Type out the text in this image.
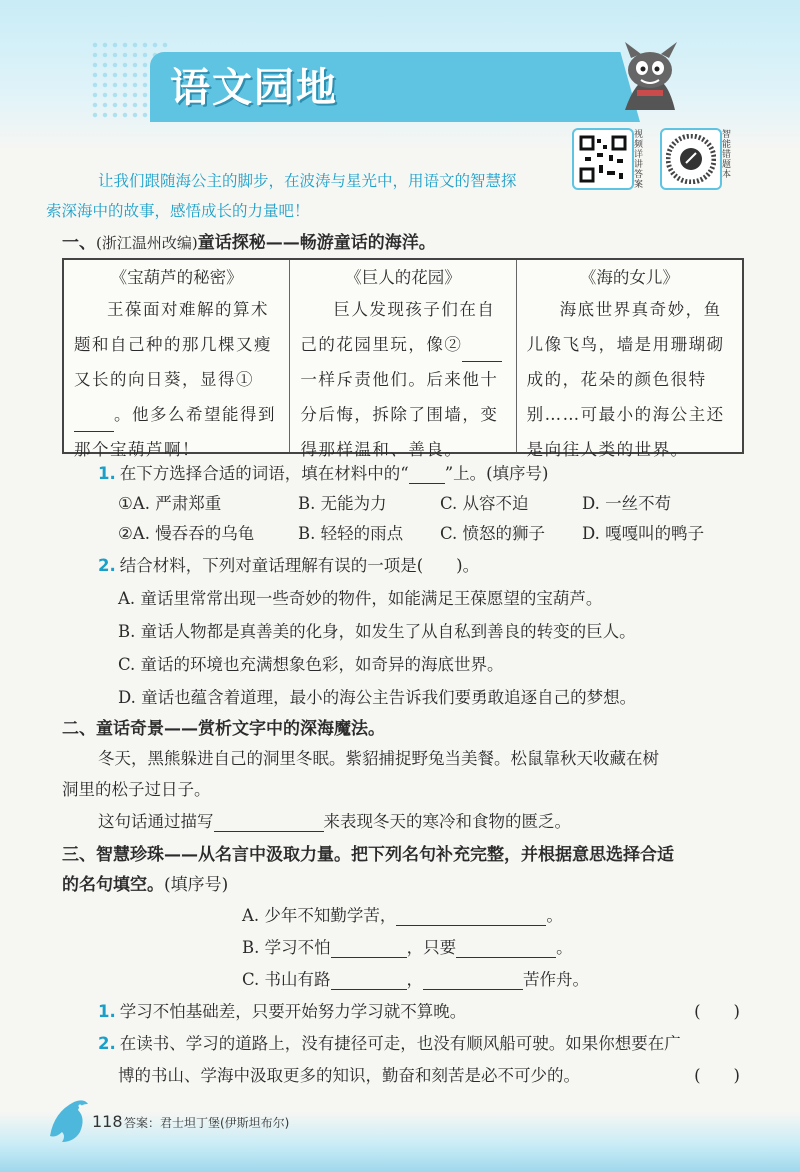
语文园地
视频详讲答案
智能错题本
让我们跟随海公主的脚步，在波涛与星光中，用语文的智慧探
索深海中的故事，感悟成长的力量吧！
一、(浙江温州改编)童话探秘——畅游童话的海洋。
《宝葫芦的秘密》
王葆面对难解的算术题和自己种的那几棵又瘦又长的向日葵，显得①。他多么希望能得到那个宝葫芦啊！
《巨人的花园》
巨人发现孩子们在自己的花园里玩，像②一样斥责他们。后来他十分后悔，拆除了围墙，变得那样温和、善良。
《海的女儿》
海底世界真奇妙，鱼儿像飞鸟，墙是用珊瑚砌成的，花朵的颜色很特别……可最小的海公主还是向往人类的世界。
1. 在下方选择合适的词语，填在材料中的“ ”上。(填序号)
①A. 严肃郑重	B. 无能为力	C. 从容不迫	D. 一丝不苟
②A. 慢吞吞的乌龟	B. 轻轻的雨点 C. 愤怒的狮子 D. 嘎嘎叫的鸭子
2. 结合材料，下列对童话理解有误的一项是(　　)。
A. 童话里常常出现一些奇妙的物件，如能满足王葆愿望的宝葫芦。
B. 童话人物都是真善美的化身，如发生了从自私到善良的转变的巨人。
C. 童话的环境也充满想象色彩，如奇异的海底世界。
D. 童话也蕴含着道理，最小的海公主告诉我们要勇敢追逐自己的梦想。
二、童话奇景——赏析文字中的深海魔法。
冬天，黑熊躲进自己的洞里冬眠。紫貂捕捉野兔当美餐。松鼠靠秋天收藏在树
洞里的松子过日子。
这句话通过描写	来表现冬天的寒冷和食物的匮乏。
三、智慧珍珠——从名言中汲取力量。把下列名句补充完整，并根据意思选择合适
的名句填空。(填序号)
A. 少年不知勤学苦，	。
B. 学习不怕	，只要	。
C. 书山有路	，	苦作舟。
1. 学习不怕基础差，只要开始努力学习就不算晚。	(　　)
2. 在读书、学习的道路上，没有捷径可走，也没有顺风船可驶。如果你想要在广
博的书山、学海中汲取更多的知识，勤奋和刻苦是必不可少的。	(　　)
118 答案：君士坦丁堡(伊斯坦布尔)
